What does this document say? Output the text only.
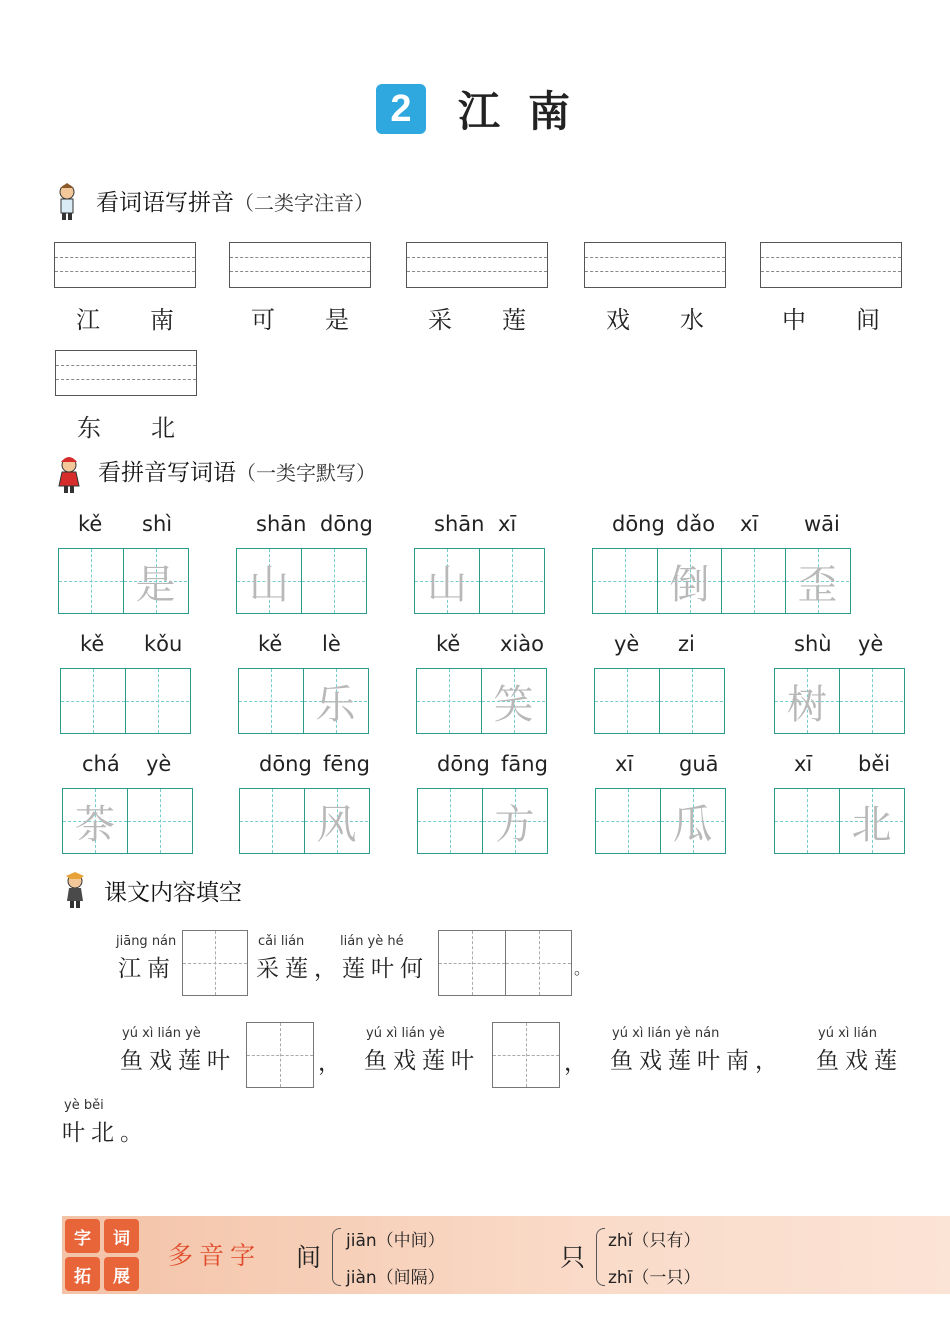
2	江南
看词语写拼音（二类字注音）
江 南	可 是	采 莲	戏 水	中 间
东 北
看拼音写词语（一类字默写）
是
kě shì
山
shān dōng
山
shān xī
倒 歪
dōng dǎo xī wāi
kě kǒu
乐
kě lè
笑
kě xiào	yè zi
树
shù yè
茶
chá yè
风
dōng fēng
方
dōng fāng
瓜
xī guā
北
xī běi
课文内容填空
jiāng nán
江南
cǎi lián
采莲，
lián yè hé
莲叶何	。
yú xì lián yè
鱼戏莲叶	，
yú xì lián yè
鱼戏莲叶	，
yú xì lián yè nán
鱼戏莲叶南，
yú xì lián
鱼戏莲
yè běi
叶北。
字	词
拓	展
多音字 间
jiān（中间）
jiàn（间隔）
只
zhǐ（只有）
zhī（一只）
